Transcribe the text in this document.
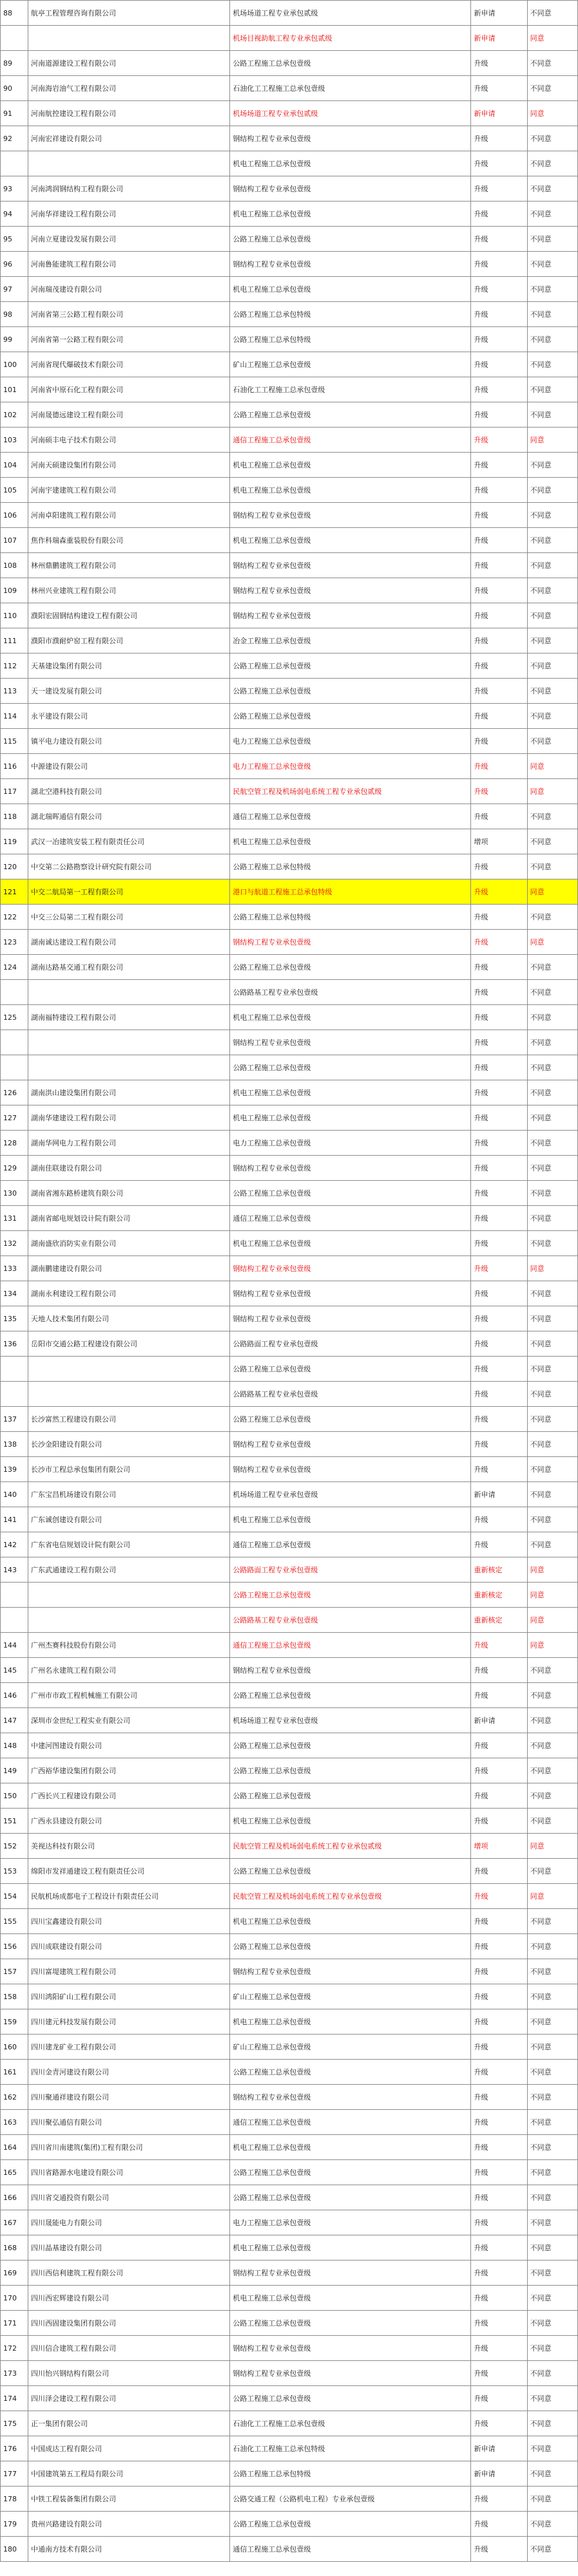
88	航亭工程管理咨询有限公司	机场场道工程专业承包贰级	新申请	不同意
		机场目视助航工程专业承包贰级	新申请	同意
89	河南道源建设工程有限公司	公路工程施工总承包壹级	升级	不同意
90	河南海岩油气工程有限公司	石油化工工程施工总承包壹级	升级	不同意
91	河南航控建设工程有限公司	机场场道工程专业承包贰级	新申请	同意
92	河南宏祥建设有限公司	钢结构工程专业承包壹级	升级	不同意
		机电工程施工总承包壹级	升级	不同意
93	河南鸿润钢结构工程有限公司	钢结构工程专业承包壹级	升级	不同意
94	河南华祥建设工程有限公司	机电工程施工总承包壹级	升级	不同意
95	河南立夏建设发展有限公司	公路工程施工总承包壹级	升级	不同意
96	河南鲁能建筑工程有限公司	钢结构工程专业承包壹级	升级	不同意
97	河南瑞茂建设有限公司	机电工程施工总承包壹级	升级	不同意
98	河南省第三公路工程有限公司	公路工程施工总承包特级	升级	不同意
99	河南省第一公路工程有限公司	公路工程施工总承包特级	升级	不同意
100	河南省现代爆破技术有限公司	矿山工程施工总承包壹级	升级	不同意
101	河南省中原石化工程有限公司	石油化工工程施工总承包壹级	升级	不同意
102	河南晟德远建设工程有限公司	公路工程施工总承包壹级	升级	不同意
103	河南硕丰电子技术有限公司	通信工程施工总承包壹级	升级	同意
104	河南天硕建设集团有限公司	机电工程施工总承包壹级	升级	不同意
105	河南宇建建筑工程有限公司	机电工程施工总承包壹级	升级	不同意
106	河南卓阳建筑工程有限公司	钢结构工程专业承包壹级	升级	不同意
107	焦作科瑞森重装股份有限公司	机电工程施工总承包壹级	升级	不同意
108	林州鼎鹏建筑工程有限公司	钢结构工程专业承包壹级	升级	不同意
109	林州兴业建筑工程有限公司	钢结构工程专业承包壹级	升级	不同意
110	濮阳宏固钢结构建设工程有限公司	钢结构工程专业承包壹级	升级	不同意
111	濮阳市濮耐炉窑工程有限公司	冶金工程施工总承包壹级	升级	不同意
112	天基建设集团有限公司	公路工程施工总承包壹级	升级	不同意
113	天一建设发展有限公司	公路工程施工总承包壹级	升级	不同意
114	永平建设有限公司	公路工程施工总承包壹级	升级	不同意
115	镇平电力建设有限公司	电力工程施工总承包壹级	升级	不同意
116	中源建设有限公司	电力工程施工总承包壹级	升级	同意
117	湖北空港科技有限公司	民航空管工程及机场弱电系统工程专业承包贰级	升级	同意
118	湖北瑞晖通信有限公司	通信工程施工总承包壹级	升级	不同意
119	武汉一冶建筑安装工程有限责任公司	机电工程施工总承包壹级	增项	不同意
120	中交第二公路勘察设计研究院有限公司	公路工程施工总承包特级	升级	不同意
121	中交二航局第一工程有限公司	港口与航道工程施工总承包特级	升级	同意
122	中交三公局第二工程有限公司	公路工程施工总承包特级	升级	不同意
123	湖南诚达建设工程有限公司	钢结构工程专业承包壹级	升级	同意
124	湖南达路基交通工程有限公司	公路工程施工总承包壹级	升级	不同意
		公路路基工程专业承包壹级	升级	不同意
125	湖南福特建设工程有限公司	机电工程施工总承包壹级	升级	不同意
		钢结构工程专业承包壹级	升级	不同意
		公路工程施工总承包壹级	升级	不同意
126	湖南洪山建设集团有限公司	机电工程施工总承包壹级	升级	不同意
127	湖南华建建设工程有限公司	机电工程施工总承包壹级	升级	不同意
128	湖南华网电力工程有限公司	电力工程施工总承包壹级	升级	不同意
129	湖南佳联建设有限公司	钢结构工程专业承包壹级	升级	不同意
130	湖南省湘东路桥建筑有限公司	公路工程施工总承包壹级	升级	不同意
131	湖南省邮电规划设计院有限公司	通信工程施工总承包壹级	升级	不同意
132	湖南盛欣消防实业有限公司	机电工程施工总承包壹级	升级	不同意
133	湖南鹏建建设有限公司	钢结构工程专业承包壹级	升级	同意
134	湖南永利建设工程有限公司	钢结构工程专业承包壹级	升级	不同意
135	天地人技术集团有限公司	钢结构工程专业承包壹级	升级	不同意
136	岳阳市交通公路工程建设有限公司	公路路面工程专业承包壹级	升级	不同意
		公路工程施工总承包壹级	升级	不同意
		公路路基工程专业承包壹级	升级	不同意
137	长沙富然工程建设有限公司	公路工程施工总承包壹级	升级	不同意
138	长沙金阳建设有限公司	钢结构工程专业承包壹级	升级	不同意
139	长沙市工程总承包集团有限公司	钢结构工程专业承包壹级	升级	不同意
140	广东宝昌机场建设有限公司	机场场道工程专业承包壹级	新申请	不同意
141	广东诚创建设有限公司	机电工程施工总承包壹级	升级	不同意
142	广东省电信规划设计院有限公司	通信工程施工总承包壹级	升级	不同意
143	广东武通建设工程有限公司	公路路面工程专业承包壹级	重新核定	同意
		公路工程施工总承包壹级	重新核定	同意
		公路路基工程专业承包壹级	重新核定	同意
144	广州杰赛科技股份有限公司	通信工程施工总承包壹级	升级	同意
145	广州名永建筑工程有限公司	钢结构工程专业承包壹级	升级	不同意
146	广州市市政工程机械施工有限公司	公路工程施工总承包壹级	升级	不同意
147	深圳市金世纪工程实业有限公司	机场场道工程专业承包壹级	新申请	不同意
148	中建河图建设有限公司	公路工程施工总承包壹级	升级	不同意
149	广西裕华建设集团有限公司	公路工程施工总承包壹级	升级	不同意
150	广西长兴工程建设有限公司	公路工程施工总承包壹级	升级	不同意
151	广西永县建设有限公司	机电工程施工总承包壹级	升级	不同意
152	美视达科技有限公司	民航空管工程及机场弱电系统工程专业承包贰级	增项	同意
153	绵阳市发祥通建设工程有限责任公司	公路工程施工总承包壹级	升级	不同意
154	民航机场成都电子工程设计有限责任公司	民航空管工程及机场弱电系统工程专业承包壹级	升级	同意
155	四川宝鑫建设有限公司	机电工程施工总承包壹级	升级	不同意
156	四川成联建设有限公司	公路工程施工总承包壹级	升级	不同意
157	四川富堤建筑工程有限公司	钢结构工程专业承包壹级	升级	不同意
158	四川鸿阳矿山工程有限公司	矿山工程施工总承包壹级	升级	不同意
159	四川建元科技发展有限公司	机电工程施工总承包壹级	升级	不同意
160	四川建龙矿业工程有限公司	矿山工程施工总承包壹级	升级	不同意
161	四川金青河建设有限公司	公路工程施工总承包壹级	升级	不同意
162	四川聚通祥建设有限公司	钢结构工程专业承包壹级	升级	不同意
163	四川聚弘通信有限公司	通信工程施工总承包壹级	升级	不同意
164	四川省川南建筑(集团)工程有限公司	机电工程施工总承包壹级	升级	不同意
165	四川省路源水电建设有限公司	公路工程施工总承包壹级	升级	不同意
166	四川省交通投资有限公司	公路工程施工总承包壹级	升级	不同意
167	四川晟能电力有限公司	电力工程施工总承包壹级	升级	不同意
168	四川晶基建设有限公司	机电工程施工总承包壹级	升级	不同意
169	四川西信利建筑工程有限公司	钢结构工程专业承包壹级	升级	不同意
170	四川西宏辉建设有限公司	机电工程施工总承包壹级	升级	不同意
171	四川西固建设集团有限公司	公路工程施工总承包壹级	升级	不同意
172	四川信合建筑工程有限公司	钢结构工程专业承包壹级	升级	不同意
173	四川怡兴钢结构有限公司	钢结构工程专业承包壹级	升级	不同意
174	四川泽会建设工程有限公司	公路工程施工总承包壹级	升级	不同意
175	正一集团有限公司	石油化工工程施工总承包壹级	升级	不同意
176	中国成达工程有限公司	石油化工工程施工总承包特级	新申请	不同意
177	中国建筑第五工程局有限公司	公路工程施工总承包特级	新申请	不同意
178	中铁工程装备集团有限公司	公路交通工程（公路机电工程）专业承包壹级	升级	不同意
179	贵州兴路建设有限公司	公路工程施工总承包壹级	升级	不同意
180	中通南方技术有限公司	通信工程施工总承包壹级	升级	不同意
